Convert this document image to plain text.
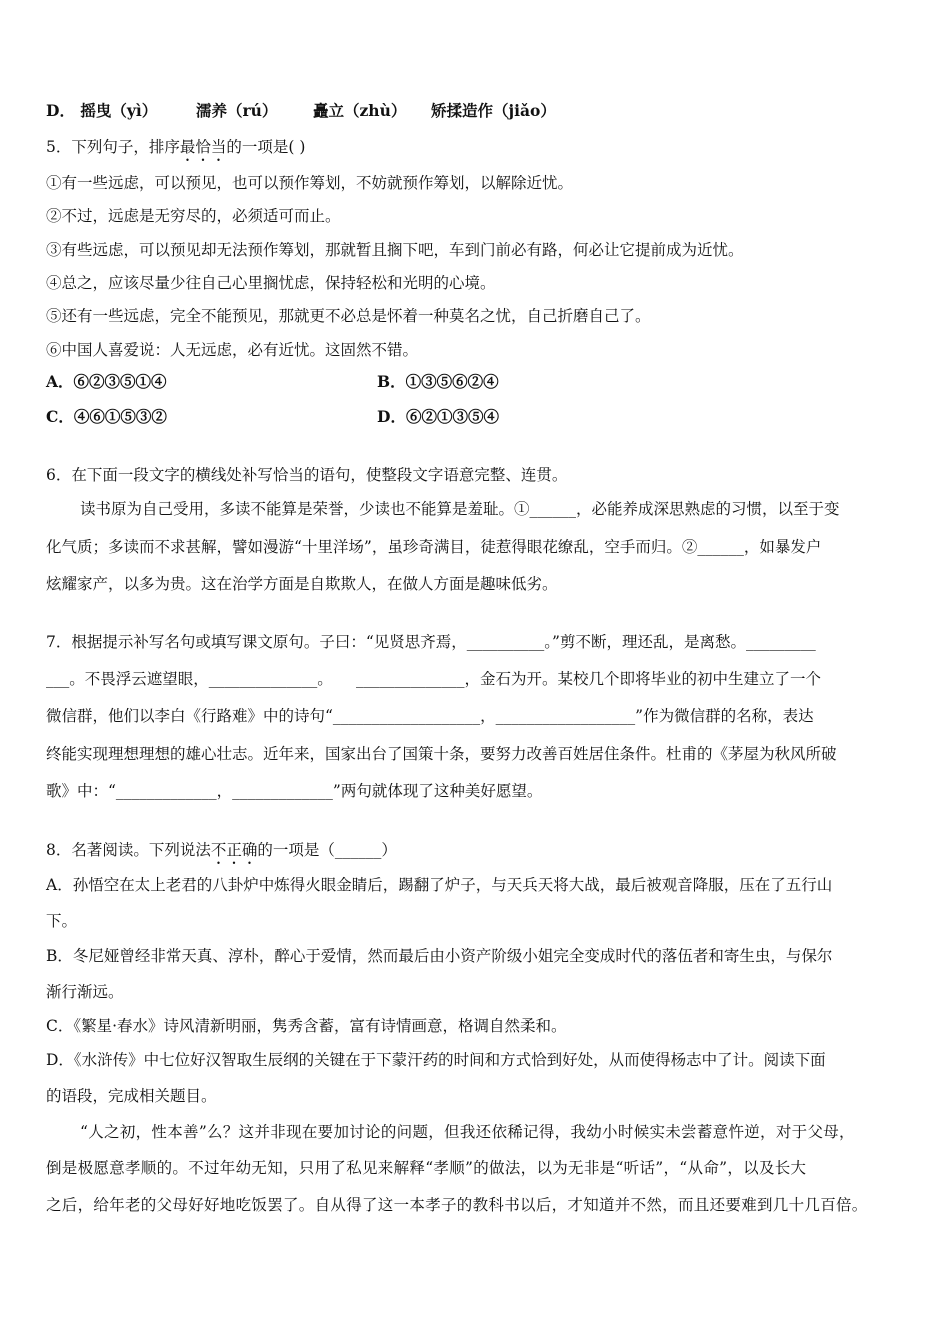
D． 摇曳（yì） 濡养（rú） 矗立（zhù） 矫揉造作（jiǎo）
5．下列句子，排序最恰当的一项是( )
①有一些远虑，可以预见，也可以预作筹划，不妨就预作筹划，以解除近忧。
②不过，远虑是无穷尽的，必须适可而止。
③有些远虑，可以预见却无法预作筹划，那就暂且搁下吧，车到门前必有路，何必让它提前成为近忧。
④总之，应该尽量少往自己心里搁忧虑，保持轻松和光明的心境。
⑤还有一些远虑，完全不能预见，那就更不必总是怀着一种莫名之忧，自己折磨自己了。
⑥中国人喜爱说：人无远虑，必有近忧。这固然不错。
A．⑥②③⑤①④	B．①③⑤⑥②④
C．④⑥①⑤③②	D．⑥②①③⑤④
6．在下面一段文字的横线处补写恰当的语句，使整段文字语意完整、连贯。
读书原为自己受用，多读不能算是荣誉，少读也不能算是羞耻。①______，必能养成深思熟虑的习惯，以至于变
化气质；多读而不求甚解，譬如漫游“十里洋场”，虽珍奇满目，徒惹得眼花缭乱，空手而归。②______，如暴发户
炫耀家产，以多为贵。这在治学方面是自欺欺人，在做人方面是趣味低劣。
7．根据提示补写名句或填写课文原句。子曰：“见贤思齐焉，__________。”剪不断，理还乱，是离愁。_________
___。不畏浮云遮望眼，______________。　　______________，金石为开。某校几个即将毕业的初中生建立了一个
微信群，他们以李白《行路难》中的诗句“___________________，__________________”作为微信群的名称，表达
终能实现理想理想的雄心壮志。近年来，国家出台了国策十条，要努力改善百姓居住条件。杜甫的《茅屋为秋风所破
歌》中：“_____________，_____________”两句就体现了这种美好愿望。
8．名著阅读。下列说法不正确的一项是（______）
A．孙悟空在太上老君的八卦炉中炼得火眼金睛后，踢翻了炉子，与天兵天将大战，最后被观音降服，压在了五行山
下。
B．冬尼娅曾经非常天真、淳朴，醉心于爱情，然而最后由小资产阶级小姐完全变成时代的落伍者和寄生虫，与保尔
渐行渐远。
C．《繁星·春水》诗风清新明丽，隽秀含蓄，富有诗情画意，格调自然柔和。
D．《水浒传》中七位好汉智取生辰纲的关键在于下蒙汗药的时间和方式恰到好处，从而使得杨志中了计。阅读下面
的语段，完成相关题目。
“人之初，性本善”么？这并非现在要加讨论的问题，但我还依稀记得，我幼小时候实未尝蓄意忤逆，对于父母，
倒是极愿意孝顺的。不过年幼无知，只用了私见来解释“孝顺”的做法，以为无非是“听话”，“从命”，以及长大
之后，给年老的父母好好地吃饭罢了。自从得了这一本孝子的教科书以后，才知道并不然，而且还要难到几十几百倍。
